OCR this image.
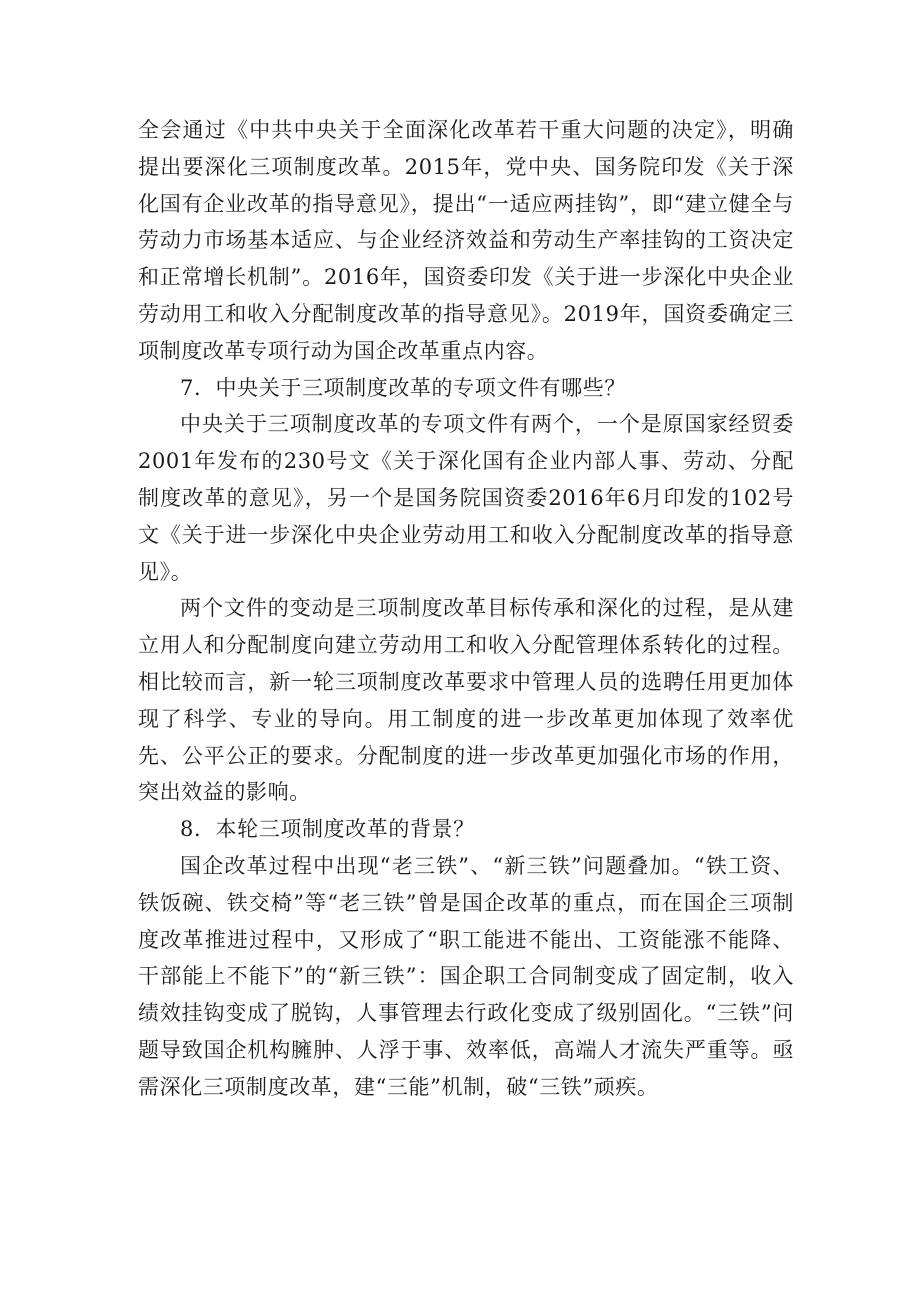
全会通过《中共中央关于全面深化改革若干重大问题的决定》，明确提出要深化三项制度改革。2015年，党中央、国务院印发《关于深化国有企业改革的指导意见》，提出“一适应两挂钩”，即“建立健全与劳动力市场基本适应、与企业经济效益和劳动生产率挂钩的工资决定和正常增长机制”。2016年，国资委印发《关于进一步深化中央企业劳动用工和收入分配制度改革的指导意见》。2019年，国资委确定三项制度改革专项行动为国企改革重点内容。

7．中央关于三项制度改革的专项文件有哪些？

中央关于三项制度改革的专项文件有两个，一个是原国家经贸委2001年发布的230号文《关于深化国有企业内部人事、劳动、分配制度改革的意见》，另一个是国务院国资委2016年6月印发的102号文《关于进一步深化中央企业劳动用工和收入分配制度改革的指导意见》。

两个文件的变动是三项制度改革目标传承和深化的过程，是从建立用人和分配制度向建立劳动用工和收入分配管理体系转化的过程。相比较而言，新一轮三项制度改革要求中管理人员的选聘任用更加体现了科学、专业的导向。用工制度的进一步改革更加体现了效率优先、公平公正的要求。分配制度的进一步改革更加强化市场的作用，突出效益的影响。

8．本轮三项制度改革的背景？

国企改革过程中出现“老三铁”、“新三铁”问题叠加。“铁工资、铁饭碗、铁交椅”等“老三铁”曾是国企改革的重点，而在国企三项制度改革推进过程中，又形成了“职工能进不能出、工资能涨不能降、干部能上不能下”的“新三铁”：国企职工合同制变成了固定制，收入绩效挂钩变成了脱钩，人事管理去行政化变成了级别固化。“三铁”问题导致国企机构臃肿、人浮于事、效率低，高端人才流失严重等。亟需深化三项制度改革，建“三能”机制，破“三铁”顽疾。
